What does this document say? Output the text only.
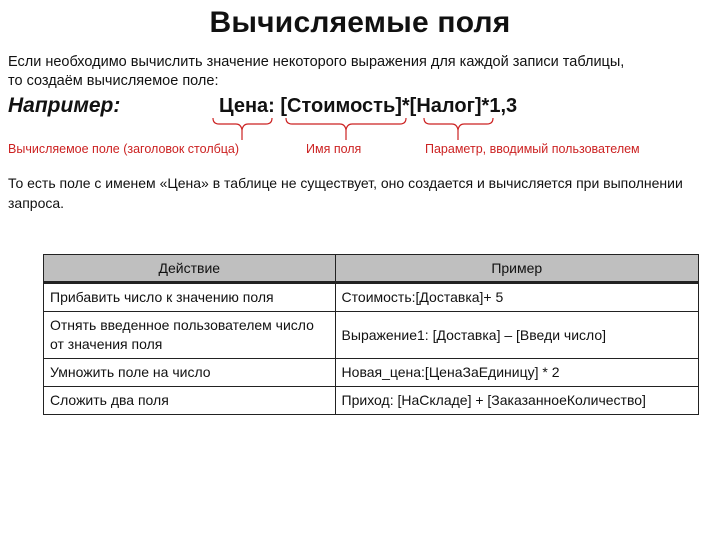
Вычисляемые поля
Если необходимо вычислить значение некоторого выражения для каждой записи таблицы,
то создаём вычисляемое поле:
Например:	Цена: [Стоимость]*[Налог]*1,3
Вычисляемое поле (заголовок столбца)	Имя поля	Параметр, вводимый пользователем
То есть поле с именем «Цена» в таблице не существует, оно создается и вычисляется при выполнении запроса.
Действие	Пример
Прибавить число к значению поля	Стоимость:[Доставка]+ 5
Отнять введенное пользователем число от значения поля	Выражение1: [Доставка] – [Введи число]
Умножить поле на число	Новая_цена:[ЦенаЗаЕдиницу] * 2
Сложить два поля	Приход: [НаСкладе] + [ЗаказанноеКоличество]
